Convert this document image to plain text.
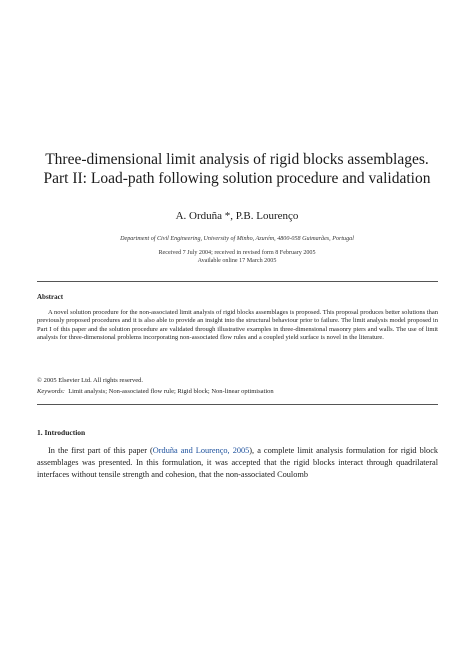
Three-dimensional limit analysis of rigid blocks assemblages. Part II: Load-path following solution procedure and validation
A. Orduña *, P.B. Lourenço
Department of Civil Engineering, University of Minho, Azurém, 4800-058 Guimarães, Portugal
Received 7 July 2004; received in revised form 8 February 2005
Available online 17 March 2005
Abstract

A novel solution procedure for the non-associated limit analysis of rigid blocks assemblages is proposed. This proposal produces better solutions than previously proposed procedures and it is also able to provide an insight into the structural behaviour prior to failure. The limit analysis model proposed in Part I of this paper and the solution procedure are validated through illustrative examples in three-dimensional masonry piers and walls. The use of limit analysis for three-dimensional problems incorporating non-associated flow rules and a coupled yield surface is novel in the literature.

© 2005 Elsevier Ltd. All rights reserved.
Keywords: Limit analysis; Non-associated flow rule; Rigid block; Non-linear optimisation
1. Introduction

In the first part of this paper (Orduña and Lourenço, 2005), a complete limit analysis formulation for rigid block assemblages was presented. In this formulation, it was accepted that the rigid blocks interact through quadrilateral interfaces without tensile strength and cohesion, that the non-associated Coulomb
